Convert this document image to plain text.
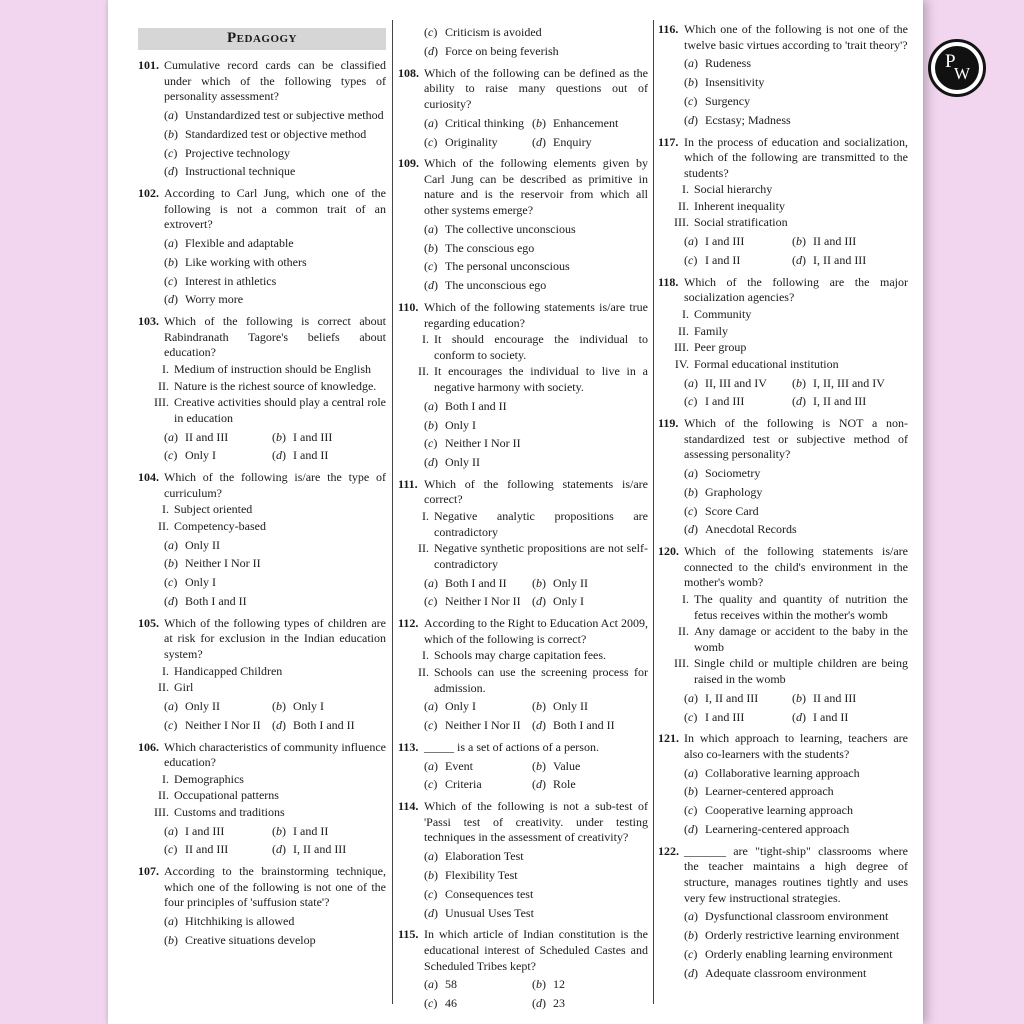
Pedagogy
101. Cumulative record cards can be classified under which of the following types of personality assessment?
(a) Unstandardized test or subjective method
(b) Standardized test or objective method
(c) Projective technology
(d) Instructional technique
102. According to Carl Jung, which one of the following is not a common trait of an extrovert?
(a) Flexible and adaptable
(b) Like working with others
(c) Interest in athletics
(d) Worry more
103. Which of the following is correct about Rabindranath Tagore's beliefs about education?
I. Medium of instruction should be English
II. Nature is the richest source of knowledge.
III. Creative activities should play a central role in education
(a) II and III	(b) I and III
(c) Only I	(d) I and II
104. Which of the following is/are the type of curriculum?
I. Subject oriented
II. Competency-based
(a) Only II
(b) Neither I Nor II
(c) Only I
(d) Both I and II
105. Which of the following types of children are at risk for exclusion in the Indian education system?
I. Handicapped Children
II. Girl
(a) Only II	(b) Only I
(c) Neither I Nor II (d) Both I and II
106. Which characteristics of community influence education?
I. Demographics
II. Occupational patterns
III. Customs and traditions
(a) I and III	(b) I and II
(c) II and III	(d) I, II and III
107. According to the brainstorming technique, which one of the following is not one of the four principles of 'suffusion state'?
(a) Hitchhiking is allowed
(b) Creative situations develop
(c) Criticism is avoided
(d) Force on being feverish
108. Which of the following can be defined as the ability to raise many questions out of curiosity?
(a) Critical thinking (b) Enhancement
(c) Originality	(d) Enquiry
109. Which of the following elements given by Carl Jung can be described as primitive in nature and is the reservoir from which all other systems emerge?
(a) The collective unconscious
(b) The conscious ego
(c) The personal unconscious
(d) The unconscious ego
110. Which of the following statements is/are true regarding education?
I. It should encourage the individual to conform to society.
II. It encourages the individual to live in a negative harmony with society.
(a) Both I and II
(b) Only I
(c) Neither I Nor II
(d) Only II
111. Which of the following statements is/are correct?
I. Negative analytic propositions are contradictory
II. Negative synthetic propositions are not self-contradictory
(a) Both I and II	(b) Only II
(c) Neither I Nor II (d) Only I
112. According to the Right to Education Act 2009, which of the following is correct?
I. Schools may charge capitation fees.
II. Schools can use the screening process for admission.
(a) Only I	(b) Only II
(c) Neither I Nor II (d) Both I and II
113. _____ is a set of actions of a person.
(a) Event	(b) Value
(c) Criteria	(d) Role
114. Which of the following is not a sub-test of 'Passi test of creativity. under testing techniques in the assessment of creativity?
(a) Elaboration Test
(b) Flexibility Test
(c) Consequences test
(d) Unusual Uses Test
115. In which article of Indian constitution is the educational interest of Scheduled Castes and Scheduled Tribes kept?
(a) 58	(b) 12
(c) 46	(d) 23
116. Which one of the following is not one of the twelve basic virtues according to 'trait theory'?
(a) Rudeness
(b) Insensitivity
(c) Surgency
(d) Ecstasy; Madness
117. In the process of education and socialization, which of the following are transmitted to the students?
I. Social hierarchy
II. Inherent inequality
III. Social stratification
(a) I and III	(b) II and III
(c) I and II	(d) I, II and III
118. Which of the following are the major socialization agencies?
I. Community
II. Family
III. Peer group
IV. Formal educational institution
(a) II, III and IV	(b) I, II, III and IV
(c) I and III	(d) I, II and III
119. Which of the following is NOT a non-standardized test or subjective method of assessing personality?
(a) Sociometry
(b) Graphology
(c) Score Card
(d) Anecdotal Records
120. Which of the following statements is/are connected to the child's environment in the mother's womb?
I. The quality and quantity of nutrition the fetus receives within the mother's womb
II. Any damage or accident to the baby in the womb
III. Single child or multiple children are being raised in the womb
(a) I, II and III	(b) II and III
(c) I and III	(d) I and II
121. In which approach to learning, teachers are also co-learners with the students?
(a) Collaborative learning approach
(b) Learner-centered approach
(c) Cooperative learning approach
(d) Learnering-centered approach
122. _______ are "tight-ship" classrooms where the teacher maintains a high degree of structure, manages routines tightly and uses very few instructional strategies.
(a) Dysfunctional classroom environment
(b) Orderly restrictive learning environment
(c) Orderly enabling learning environment
(d) Adequate classroom environment
P
W
